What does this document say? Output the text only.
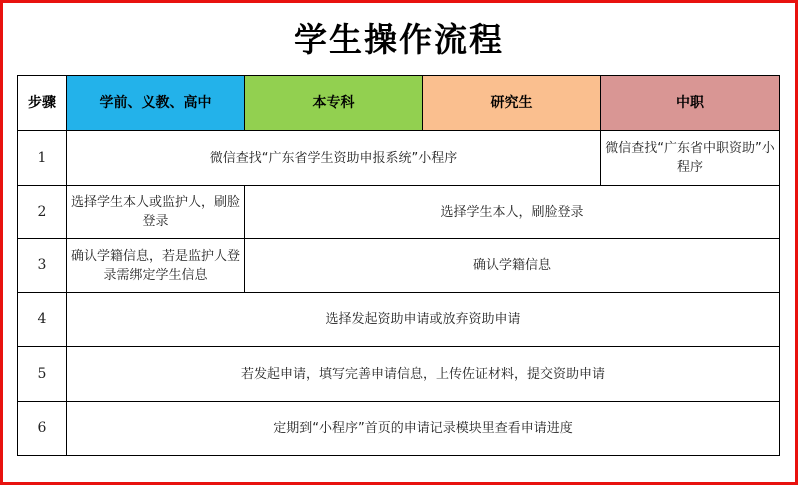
学生操作流程
步骤	学前、义教、高中	本专科	研究生	中职
1	微信查找“广东省学生资助申报系统”小程序			微信查找“广东省中职资助”小程序
2	选择学生本人或监护人，刷脸登录	选择学生本人，刷脸登录		
3	确认学籍信息，若是监护人登录需绑定学生信息	确认学籍信息		
4	选择发起资助申请或放弃资助申请			
5	若发起申请，填写完善申请信息，上传佐证材料，提交资助申请			
6	定期到“小程序”首页的申请记录模块里查看申请进度			
